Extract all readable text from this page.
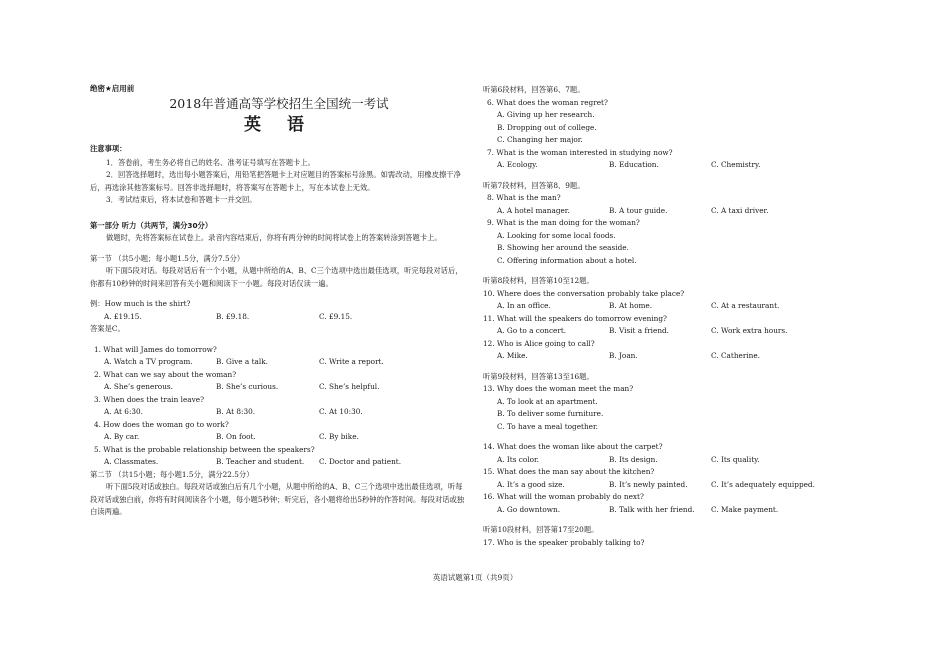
绝密★启用前
2018年普通高等学校招生全国统一考试
英 语
注意事项：
1．答卷前，考生务必将自己的姓名、准考证号填写在答题卡上。
2．回答选择题时，选出每小题答案后，用铅笔把答题卡上对应题目的答案标号涂黑。如需改动，用橡皮擦干净后，再选涂其他答案标号。回答非选择题时，将答案写在答题卡上，写在本试卷上无效。
3．考试结束后，将本试卷和答题卡一并交回。
第一部分 听力（共两节，满分30分）
做题时，先将答案标在试卷上。录音内容结束后，你将有两分钟的时间将试卷上的答案转涂到答题卡上。
第一节 （共5小题；每小题1.5分，满分7.5分）
听下面5段对话。每段对话后有一个小题，从题中所给的A、B、C三个选项中选出最佳选项，听完每段对话后，你都有10秒钟的时间来回答有关小题和阅读下一小题。每段对话仅读一遍。
例：How much is the shirt?
A. £19.15.	B. £9.18.	C. £9.15.
答案是C。
1. What will James do tomorrow?
A. Watch a TV program.	B. Give a talk.	C. Write a report.
2. What can we say about the woman?
A. She’s generous.	B. She’s curious.	C. She’s helpful.
3. When does the train leave?
A. At 6:30.	B. At 8:30.	C. At 10:30.
4. How does the woman go to work?
A. By car.	B. On foot.	C. By bike.
5. What is the probable relationship between the speakers?
A. Classmates.	B. Teacher and student.	C. Doctor and patient.
第二节 （共15小题；每小题1.5分，满分22.5分）
听下面5段对话或独白。每段对话或独白后有几个小题，从题中所给的A、B、C三个选项中选出最佳选项，听每段对话或独白前，你将有时间阅读各个小题，每小题5秒钟；听完后，各小题将给出5秒钟的作答时间。每段对话或独白读两遍。
听第6段材料，回答第6、7题。
6. What does the woman regret?
A. Giving up her research.
B. Dropping out of college.
C. Changing her major.
7. What is the woman interested in studying now?
A. Ecology.	B. Education.	C. Chemistry.
听第7段材料，回答第8、9题。
8. What is the man?
A. A hotel manager.	B. A tour guide.	C. A taxi driver.
9. What is the man doing for the woman?
A. Looking for some local foods.
B. Showing her around the seaside.
C. Offering information about a hotel.
听第8段材料，回答第10至12题。
10. Where does the conversation probably take place?
A. In an office.	B. At home.	C. At a restaurant.
11. What will the speakers do tomorrow evening?
A. Go to a concert.	B. Visit a friend.	C. Work extra hours.
12. Who is Alice going to call?
A. Mike.	B. Joan.	C. Catherine.
听第9段材料，回答第13至16题。
13. Why does the woman meet the man?
A. To look at an apartment.
B. To deliver some furniture.
C. To have a meal together.
14. What does the woman like about the carpet?
A. Its color.	B. Its design.	C. Its quality.
15. What does the man say about the kitchen?
A. It’s a good size.	B. It’s newly painted.	C. It’s adequately equipped.
16. What will the woman probably do next?
A. Go downtown.	B. Talk with her friend.	C. Make payment.
听第10段材料，回答第17至20题。
17. Who is the speaker probably talking to?
英语试题第1页（共9页）
